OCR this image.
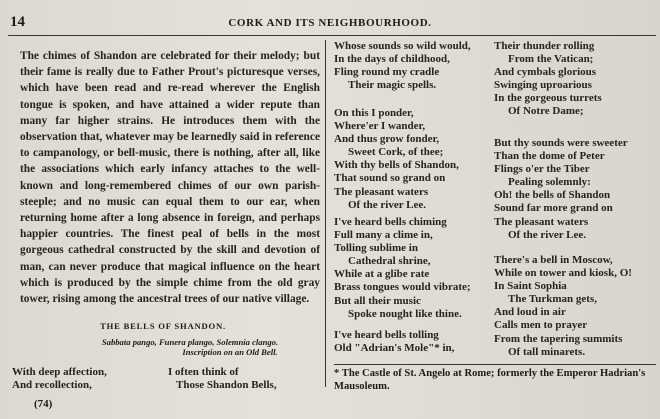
14	CORK AND ITS NEIGHBOURHOOD.

The chimes of Shandon are celebrated for their melody; but their fame is really due to Father Prout's picturesque verses, which have been read and re-read wherever the English tongue is spoken, and have attained a wider repute than many far higher strains. He introduces them with the observation that, whatever may be learnedly said in reference to campanology, or bell-music, there is nothing, after all, like the associations which early infancy attaches to the well-known and long-remembered chimes of our own parish-steeple; and no music can equal them to our ear, when returning home after a long absence in foreign, and perhaps happier countries. The finest peal of bells in the most gorgeous cathedral constructed by the skill and devotion of man, can never produce that magical influence on the heart which is produced by the simple chime from the old gray tower, rising among the ancestral trees of our native village.

THE BELLS OF SHANDON.
Sabbata pango, Funera plango, Solemnia clango.
Inscription on an Old Bell.
With deep affection,
And recollection,
I often think of
Those Shandon Bells,
Whose sounds so wild would,
In the days of childhood,
Fling round my cradle
Their magic spells.
On this I ponder,
Where'er I wander,
And thus grow fonder,
Sweet Cork, of thee;
With thy bells of Shandon,
That sound so grand on
The pleasant waters
Of the river Lee.
I've heard bells chiming
Full many a clime in,
Tolling sublime in
Cathedral shrine,
While at a glibe rate
Brass tongues would vibrate;
But all their music
Spoke nought like thine.
I've heard bells tolling
Old "Adrian's Mole"* in,
Their thunder rolling
From the Vatican;
And cymbals glorious
Swinging uproarious
In the gorgeous turrets
Of Notre Dame;
But thy sounds were sweeter
Than the dome of Peter
Flings o'er the Tiber
Pealing solemnly:
Oh! the bells of Shandon
Sound far more grand on
The pleasant waters
Of the river Lee.
There's a bell in Moscow,
While on tower and kiosk, O!
In Saint Sophia
The Turkman gets,
And loud in air
Calls men to prayer
From the tapering summits
Of tall minarets.
* The Castle of St. Angelo at Rome; formerly the Emperor Hadrian's Mausoleum.
(74)
